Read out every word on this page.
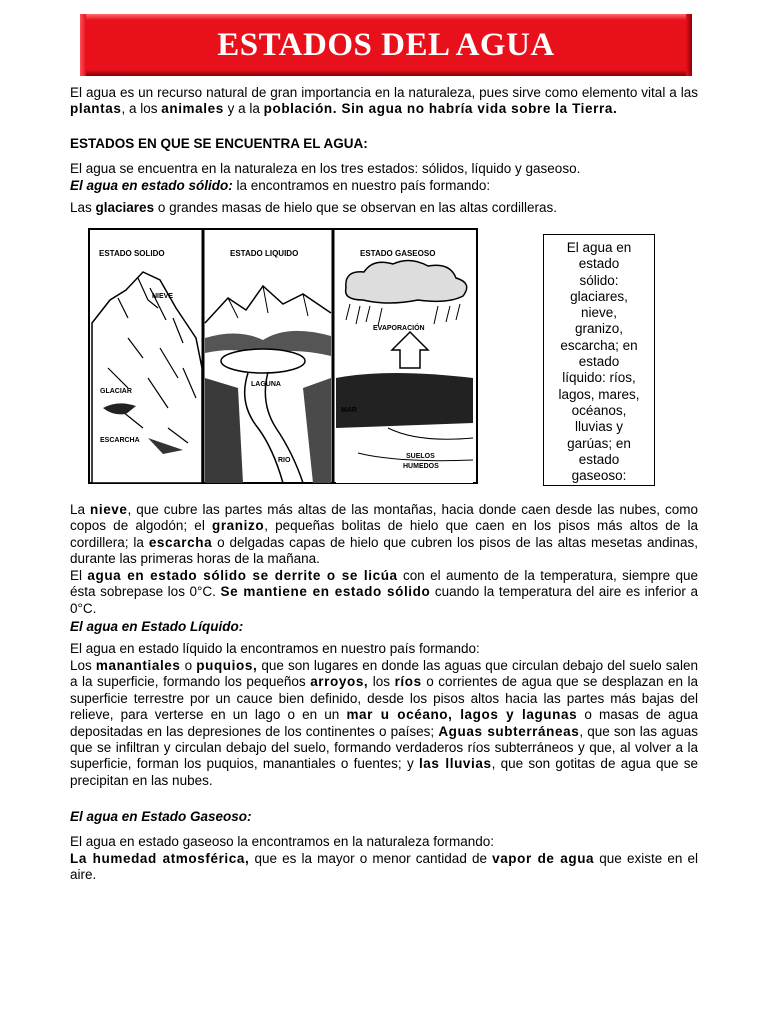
ESTADOS DEL AGUA
El agua es un recurso natural de gran importancia en la naturaleza, pues sirve como elemento vital a las plantas, a los animales y a la población. Sin agua no habría vida sobre la Tierra.
ESTADOS EN QUE SE ENCUENTRA EL AGUA:
El agua se encuentra en la naturaleza en los tres estados: sólidos, líquido y gaseoso.
El agua en estado sólido: la encontramos en nuestro país formando:
Las glaciares o grandes masas de hielo que se observan en las altas cordilleras.
ESTADO SOLIDO
NIEVE
GLACIAR
ESCARCHA
ESTADO LIQUIDO
LAGUNA
RIO
ESTADO GASEOSO
EVAPORACIÓN
MAR
SUELOS
HUMEDOS
El agua en
estado
sólido:
glaciares,
nieve,
granizo,
escarcha; en
estado
líquido: ríos,
lagos, mares,
océanos,
lluvias y
garúas; en
estado
gaseoso:
La nieve, que cubre las partes más altas de las montañas, hacia donde caen desde las nubes, como copos de algodón; el granizo, pequeñas bolitas de hielo que caen en los pisos más altos de la cordillera; la escarcha o delgadas capas de hielo que cubren los pisos de las altas mesetas andinas, durante las primeras horas de la mañana.
El agua en estado sólido se derrite o se licúa con el aumento de la temperatura, siempre que ésta sobrepase los 0°C. Se mantiene en estado sólido cuando la temperatura del aire es inferior a 0°C.
El agua en Estado Líquido:
El agua en estado líquido la encontramos en nuestro país formando:
Los manantiales o puquios, que son lugares en donde las aguas que circulan debajo del suelo salen a la superficie, formando los pequeños arroyos, los ríos o corrientes de agua que se desplazan en la superficie terrestre por un cauce bien definido, desde los pisos altos hacia las partes más bajas del relieve, para verterse en un lago o en un mar u océano, lagos y lagunas o masas de agua depositadas en las depresiones de los continentes o países; Aguas subterráneas, que son las aguas que se infiltran y circulan debajo del suelo, formando verdaderos ríos subterráneos y que, al volver a la superficie, forman los puquios, manantiales o fuentes; y las lluvias, que son gotitas de agua que se precipitan en las nubes.
El agua en Estado Gaseoso:
El agua en estado gaseoso la encontramos en la naturaleza formando:
La humedad atmosférica, que es la mayor o menor cantidad de vapor de agua que existe en el aire.
